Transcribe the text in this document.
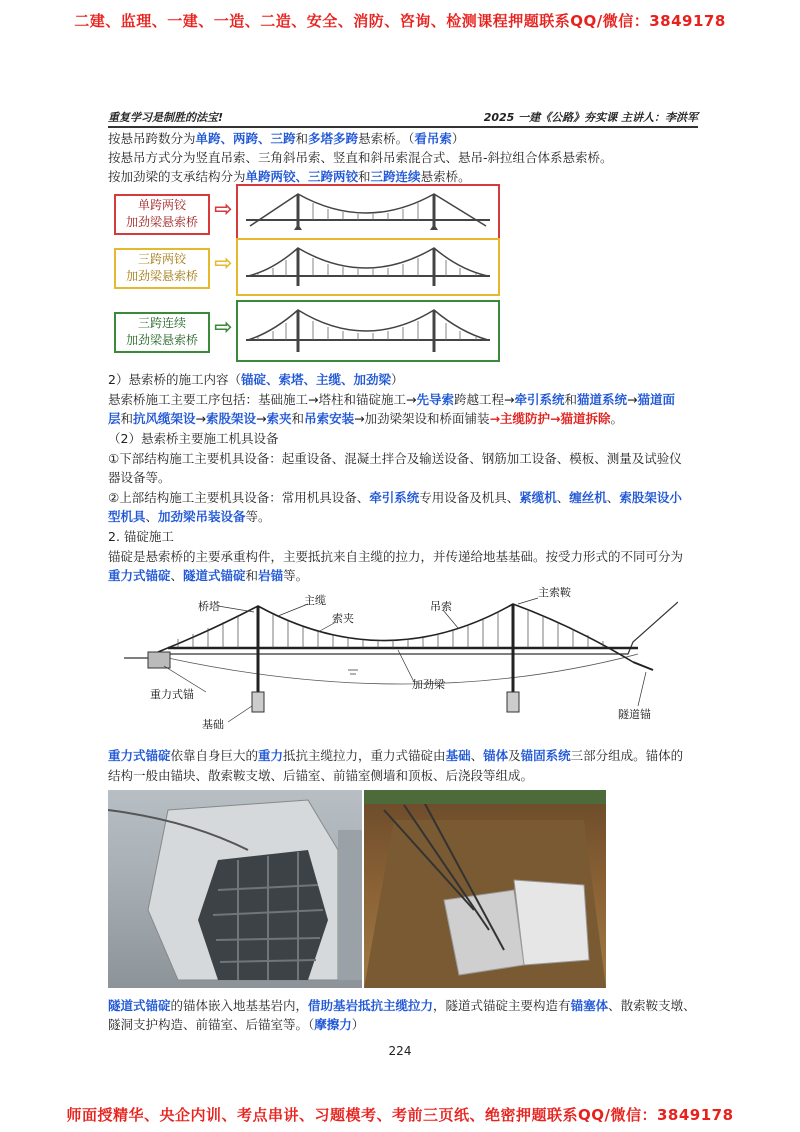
二建、监理、一建、一造、二造、安全、消防、咨询、检测课程押题联系QQ/微信：3849178
师面授精华、央企内训、考点串讲、习题模考、考前三页纸、绝密押题联系QQ/微信：3849178
重复学习是制胜的法宝!	2025 一建《公路》夯实课 主讲人：李洪军
按悬吊跨数分为单跨、两跨、三跨和多塔多跨悬索桥。（看吊索）
按悬吊方式分为竖直吊索、三角斜吊索、竖直和斜吊索混合式、悬吊-斜拉组合体系悬索桥。
按加劲梁的支承结构分为单跨两铰、三跨两铰和三跨连续悬索桥。
单跨两铰
加劲梁悬索桥 ⇨
三跨两铰
加劲梁悬索桥 ⇨
三跨连续
加劲梁悬索桥 ⇨
2）悬索桥的施工内容（锚碇、索塔、主缆、加劲梁）
悬索桥施工主要工序包括：基础施工→塔柱和锚碇施工→先导索跨越工程→牵引系统和猫道系统→猫道面
层和抗风缆架设→索股架设→索夹和吊索安装→加劲梁架设和桥面铺装→主缆防护→猫道拆除。
（2）悬索桥主要施工机具设备
①下部结构施工主要机具设备：起重设备、混凝土拌合及输送设备、钢筋加工设备、模板、测量及试验仪
器设备等。
②上部结构施工主要机具设备：常用机具设备、牵引系统专用设备及机具、紧缆机、缠丝机、索股架设小
型机具、加劲梁吊装设备等。
2. 锚碇施工
锚碇是悬索桥的主要承重构件，主要抵抗来自主缆的拉力，并传递给地基基础。按受力形式的不同可分为
重力式锚碇、隧道式锚碇和岩锚等。
桥塔	主缆
索夹
吊索
主索鞍
加劲梁
重力式锚
基础
隧道锚
重力式锚碇依靠自身巨大的重力抵抗主缆拉力，重力式锚碇由基础、锚体及锚固系统三部分组成。锚体的
结构一般由锚块、散索鞍支墩、后锚室、前锚室侧墙和顶板、后浇段等组成。
隧道式锚碇的锚体嵌入地基基岩内，借助基岩抵抗主缆拉力，隧道式锚碇主要构造有锚塞体、散索鞍支墩、
隧洞支护构造、前锚室、后锚室等。（摩擦力）
224
